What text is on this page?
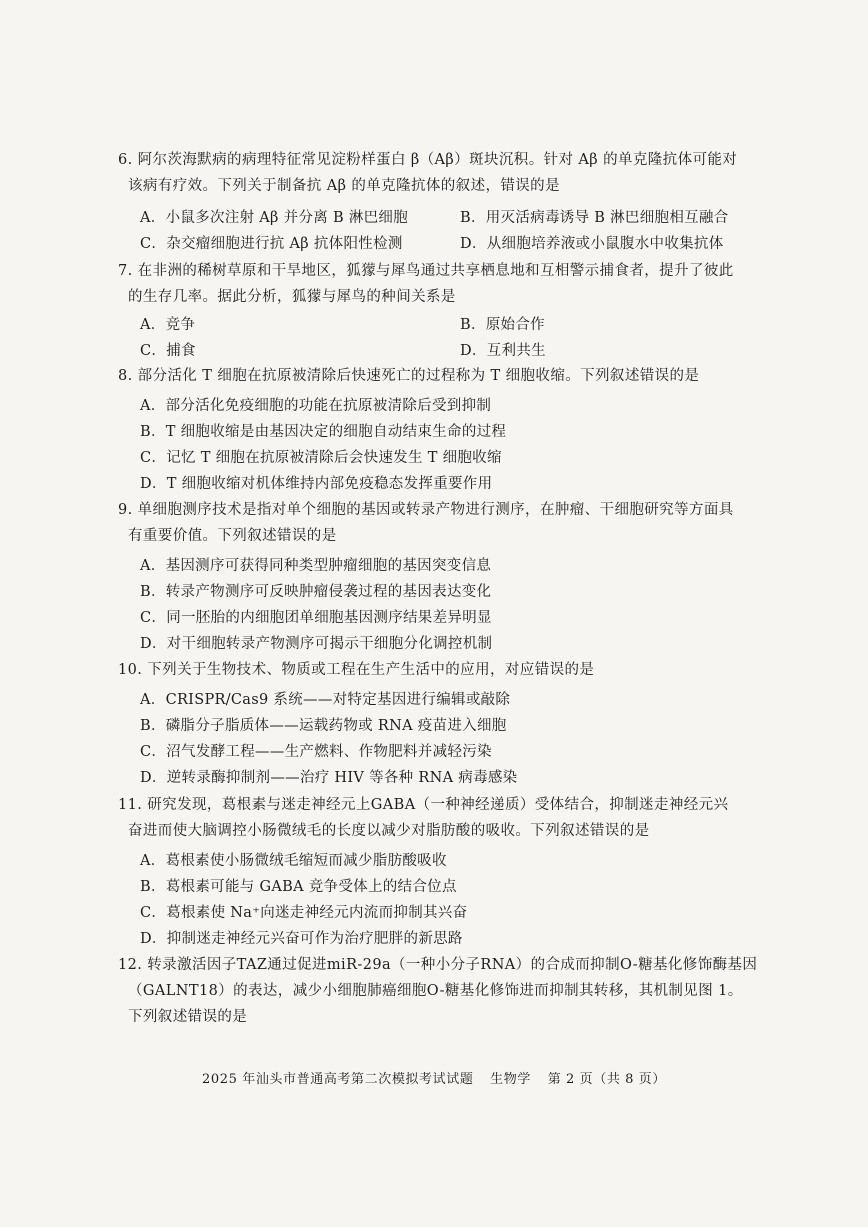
6. 阿尔茨海默病的病理特征常见淀粉样蛋白 β（Aβ）斑块沉积。针对 Aβ 的单克隆抗体可能对
该病有疗效。下列关于制备抗 Aβ 的单克隆抗体的叙述，错误的是
A．小鼠多次注射 Aβ 并分离 B 淋巴细胞	B．用灭活病毒诱导 B 淋巴细胞相互融合
C．杂交瘤细胞进行抗 Aβ 抗体阳性检测	D．从细胞培养液或小鼠腹水中收集抗体
7. 在非洲的稀树草原和干旱地区，狐獴与犀鸟通过共享栖息地和互相警示捕食者，提升了彼此
的生存几率。据此分析，狐獴与犀鸟的种间关系是
A．竞争	B．原始合作
C．捕食	D．互利共生
8. 部分活化 T 细胞在抗原被清除后快速死亡的过程称为 T 细胞收缩。下列叙述错误的是
A．部分活化免疫细胞的功能在抗原被清除后受到抑制
B．T 细胞收缩是由基因决定的细胞自动结束生命的过程
C．记忆 T 细胞在抗原被清除后会快速发生 T 细胞收缩
D．T 细胞收缩对机体维持内部免疫稳态发挥重要作用
9. 单细胞测序技术是指对单个细胞的基因或转录产物进行测序，在肿瘤、干细胞研究等方面具
有重要价值。下列叙述错误的是
A．基因测序可获得同种类型肿瘤细胞的基因突变信息
B．转录产物测序可反映肿瘤侵袭过程的基因表达变化
C．同一胚胎的内细胞团单细胞基因测序结果差异明显
D．对干细胞转录产物测序可揭示干细胞分化调控机制
10. 下列关于生物技术、物质或工程在生产生活中的应用，对应错误的是
A．CRISPR/Cas9 系统——对特定基因进行编辑或敲除
B．磷脂分子脂质体——运载药物或 RNA 疫苗进入细胞
C．沼气发酵工程——生产燃料、作物肥料并减轻污染
D．逆转录酶抑制剂——治疗 HIV 等各种 RNA 病毒感染
11. 研究发现，葛根素与迷走神经元上GABA（一种神经递质）受体结合，抑制迷走神经元兴
奋进而使大脑调控小肠微绒毛的长度以减少对脂肪酸的吸收。下列叙述错误的是
A．葛根素使小肠微绒毛缩短而减少脂肪酸吸收
B．葛根素可能与 GABA 竞争受体上的结合位点
C．葛根素使 Na⁺向迷走神经元内流而抑制其兴奋
D．抑制迷走神经元兴奋可作为治疗肥胖的新思路
12. 转录激活因子TAZ通过促进miR-29a（一种小分子RNA）的合成而抑制O-糖基化修饰酶基因
（GALNT18）的表达，减少小细胞肺癌细胞O-糖基化修饰进而抑制其转移，其机制见图 1。
下列叙述错误的是
2025 年汕头市普通高考第二次模拟考试试题 生物学 第 2 页（共 8 页）
